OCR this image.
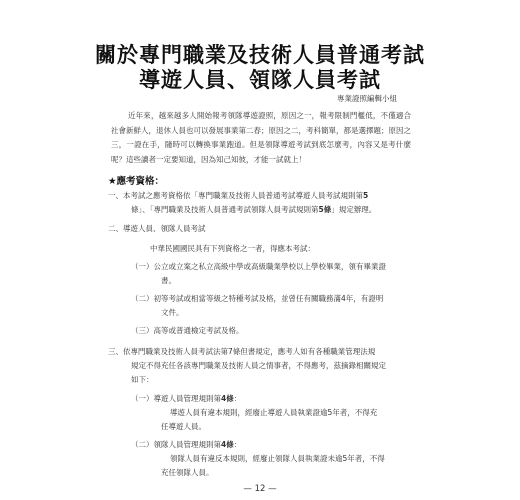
關於專門職業及技術人員普通考試
導遊人員、領隊人員考試
專業證照編輯小組
近年來，越來越多人開始報考領隊導遊證照，原因之一，報考限制門檻低，不僅適合社會新鮮人，退休人員也可以發展事業第二春；原因之二，考科簡單，都是選擇題；原因之三，一證在手，隨時可以轉換事業跑道。但是領隊導遊考試到底怎麼考，內容又是考什麼呢？這些讀者一定要知道，因為知己知彼，才能一試就上！
★應考資格：
一、本考試之應考資格依「專門職業及技術人員普通考試導遊人員考試規則第5
條」、「專門職業及技術人員普通考試領隊人員考試規則第5條」規定辦理。
二、導遊人員、領隊人員考試
中華民國國民具有下列資格之一者，得應本考試：
（一）公立或立案之私立高級中學或高級職業學校以上學校畢業，領有畢業證
書。
（二）初等考試或相當等級之特種考試及格，並曾任有關職務滿4年，有證明
文件。
（三）高等或普通檢定考試及格。
三、依專門職業及技術人員考試法第7條但書規定，應考人如有各種職業管理法規
規定不得充任各該專門職業及技術人員之情事者，不得應考，茲摘錄相關規定
如下：
（一）導遊人員管理規則第4條：
導遊人員有違本規則，經廢止導遊人員執業證逾5年者，不得充
任導遊人員。
（二）領隊人員管理規則第4條：
領隊人員有違反本規則，經廢止領隊人員執業證未逾5年者，不得
充任領隊人員。
— 12 —
